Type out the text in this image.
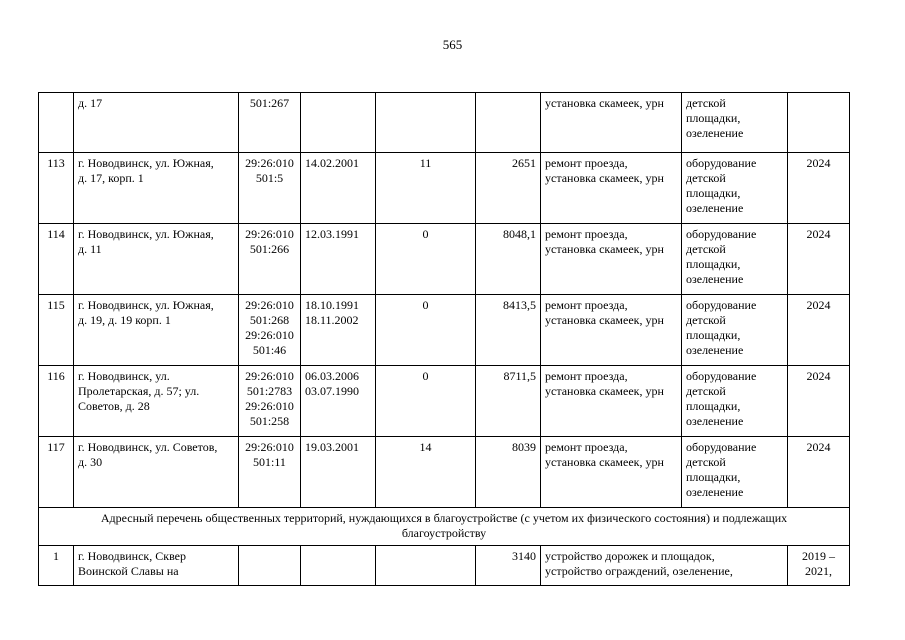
565

	д. 17	501:267				установка скамеек, урн	детской
площадки,
озеленение	

113	г. Новодвинск, ул. Южная,
д. 17, корп. 1	29:26:010
501:5	14.02.2001	11	2651	ремонт проезда,
установка скамеек, урн	оборудование
детской
площадки,
озеленение	2024

114	г. Новодвинск, ул. Южная,
д. 11	29:26:010
501:266	12.03.1991	0	8048,1	ремонт проезда,
установка скамеек, урн	оборудование
детской
площадки,
озеленение	2024

115	г. Новодвинск, ул. Южная,
д. 19, д. 19 корп. 1	29:26:010
501:268
29:26:010
501:46	18.10.1991
18.11.2002	0	8413,5	ремонт проезда,
установка скамеек, урн	оборудование
детской
площадки,
озеленение	2024

116	г. Новодвинск, ул.
Пролетарская, д. 57; ул.
Советов, д. 28	29:26:010
501:2783
29:26:010
501:258	06.03.2006
03.07.1990	0	8711,5	ремонт проезда,
установка скамеек, урн	оборудование
детской
площадки,
озеленение	2024

117	г. Новодвинск, ул. Советов,
д. 30	29:26:010
501:11	19.03.2001	14	8039	ремонт проезда,
установка скамеек, урн	оборудование
детской
площадки,
озеленение	2024

Адресный перечень общественных территорий, нуждающихся в благоустройстве (с учетом их физического состояния) и подлежащих
благоустройству								

1	г. Новодвинск, Сквер
Воинской Славы на				3140	устройство дорожек и площадок,
устройство ограждений, озеленение,		2019 –
2021,
